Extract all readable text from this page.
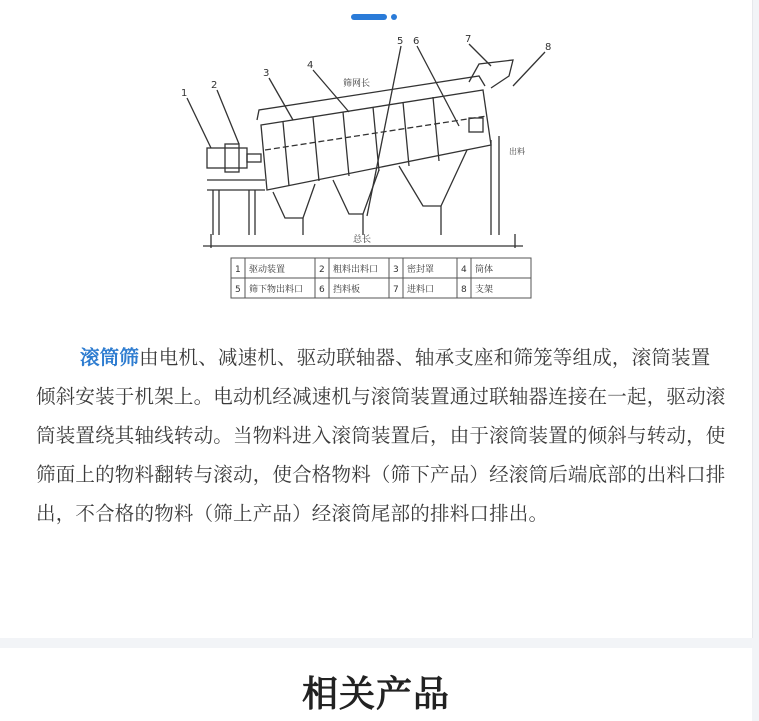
1
2
3
4
5 6	7
8
筛网长
总长
出料
1 驱动装置	2 粗料出料口 3 密封罩	4 筒体
5 筛下物出料口 6 挡料板	7 进料口	8 支架

滚筒筛由电机、减速机、驱动联轴器、轴承支座和筛笼等组成，滚筒装置倾斜安装于机架上。电动机经减速机与滚筒装置通过联轴器连接在一起，驱动滚筒装置绕其轴线转动。当物料进入滚筒装置后，由于滚筒装置的倾斜与转动，使筛面上的物料翻转与滚动，使合格物料（筛下产品）经滚筒后端底部的出料口排出，不合格的物料（筛上产品）经滚筒尾部的排料口排出。

相关产品
